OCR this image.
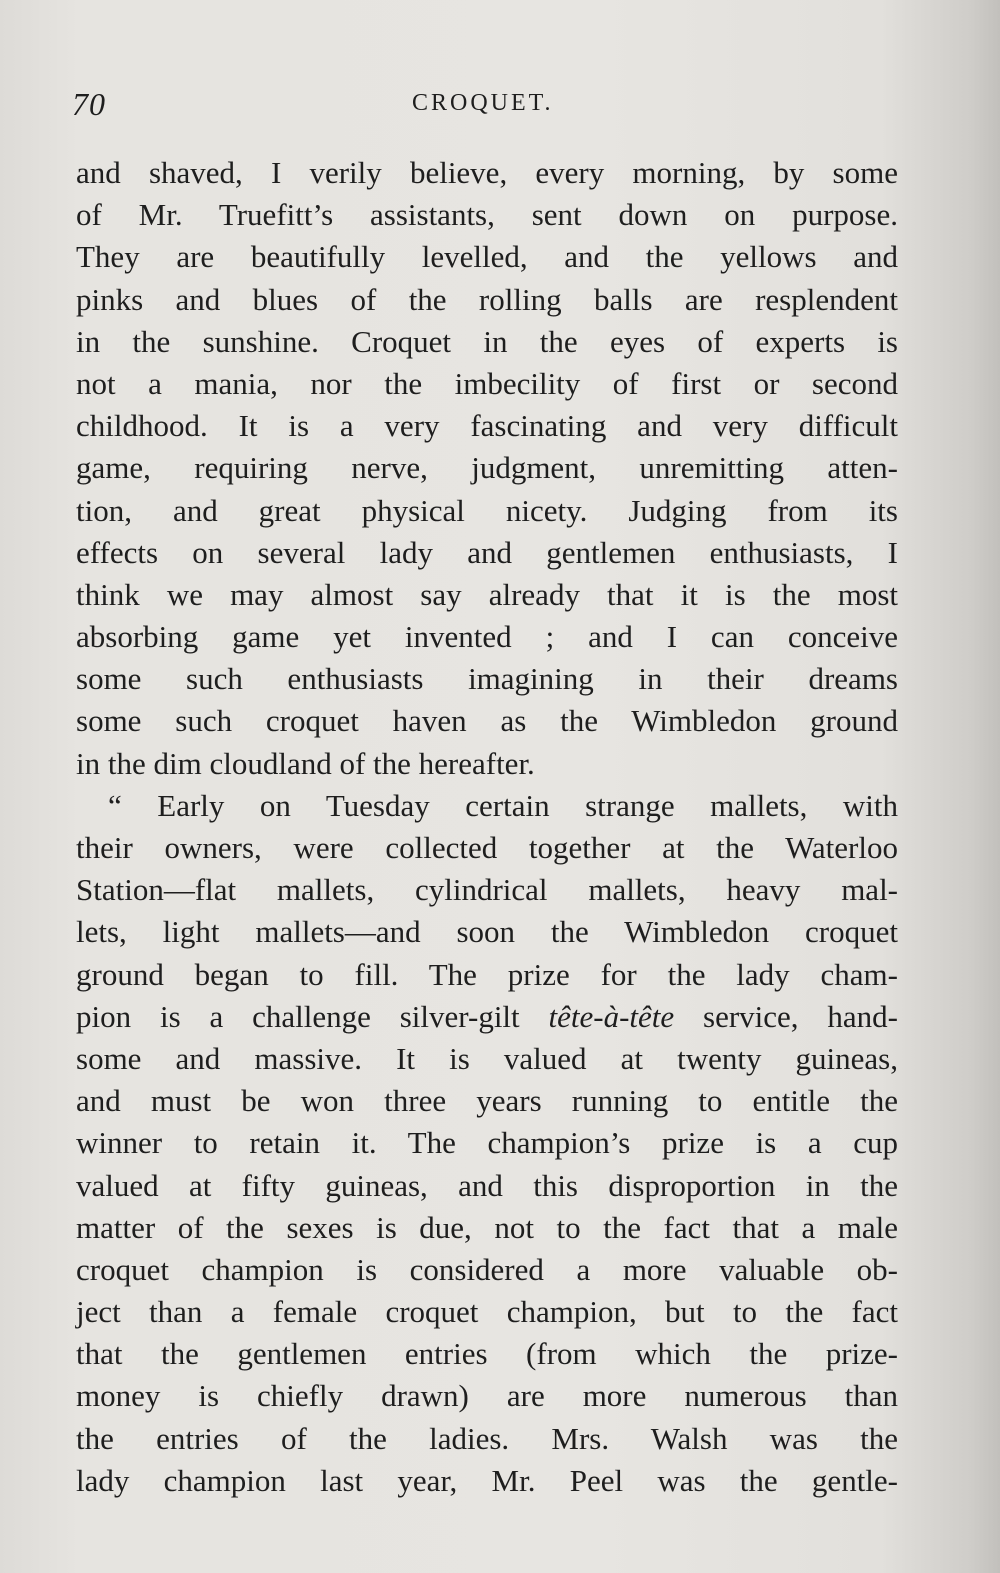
70	CROQUET.
and shaved, I verily believe, every morning, by some
of Mr. Truefitt’s assistants, sent down on purpose.
They are beautifully levelled, and the yellows and
pinks and blues of the rolling balls are resplendent
in the sunshine. Croquet in the eyes of experts is
not a mania, nor the imbecility of first or second
childhood. It is a very fascinating and very difficult
game, requiring nerve, judgment, unremitting atten-
tion, and great physical nicety. Judging from its
effects on several lady and gentlemen enthusiasts, I
think we may almost say already that it is the most
absorbing game yet invented ; and I can conceive
some such enthusiasts imagining in their dreams
some such croquet haven as the Wimbledon ground
in the dim cloudland of the hereafter.
“ Early on Tuesday certain strange mallets, with
their owners, were collected together at the Waterloo
Station—flat mallets, cylindrical mallets, heavy mal-
lets, light mallets—and soon the Wimbledon croquet
ground began to fill. The prize for the lady cham-
pion is a challenge silver-gilt tête-à-tête service, hand-
some and massive. It is valued at twenty guineas,
and must be won three years running to entitle the
winner to retain it. The champion’s prize is a cup
valued at fifty guineas, and this disproportion in the
matter of the sexes is due, not to the fact that a male
croquet champion is considered a more valuable ob-
ject than a female croquet champion, but to the fact
that the gentlemen entries (from which the prize-
money is chiefly drawn) are more numerous than
the entries of the ladies. Mrs. Walsh was the
lady champion last year, Mr. Peel was the gentle-
